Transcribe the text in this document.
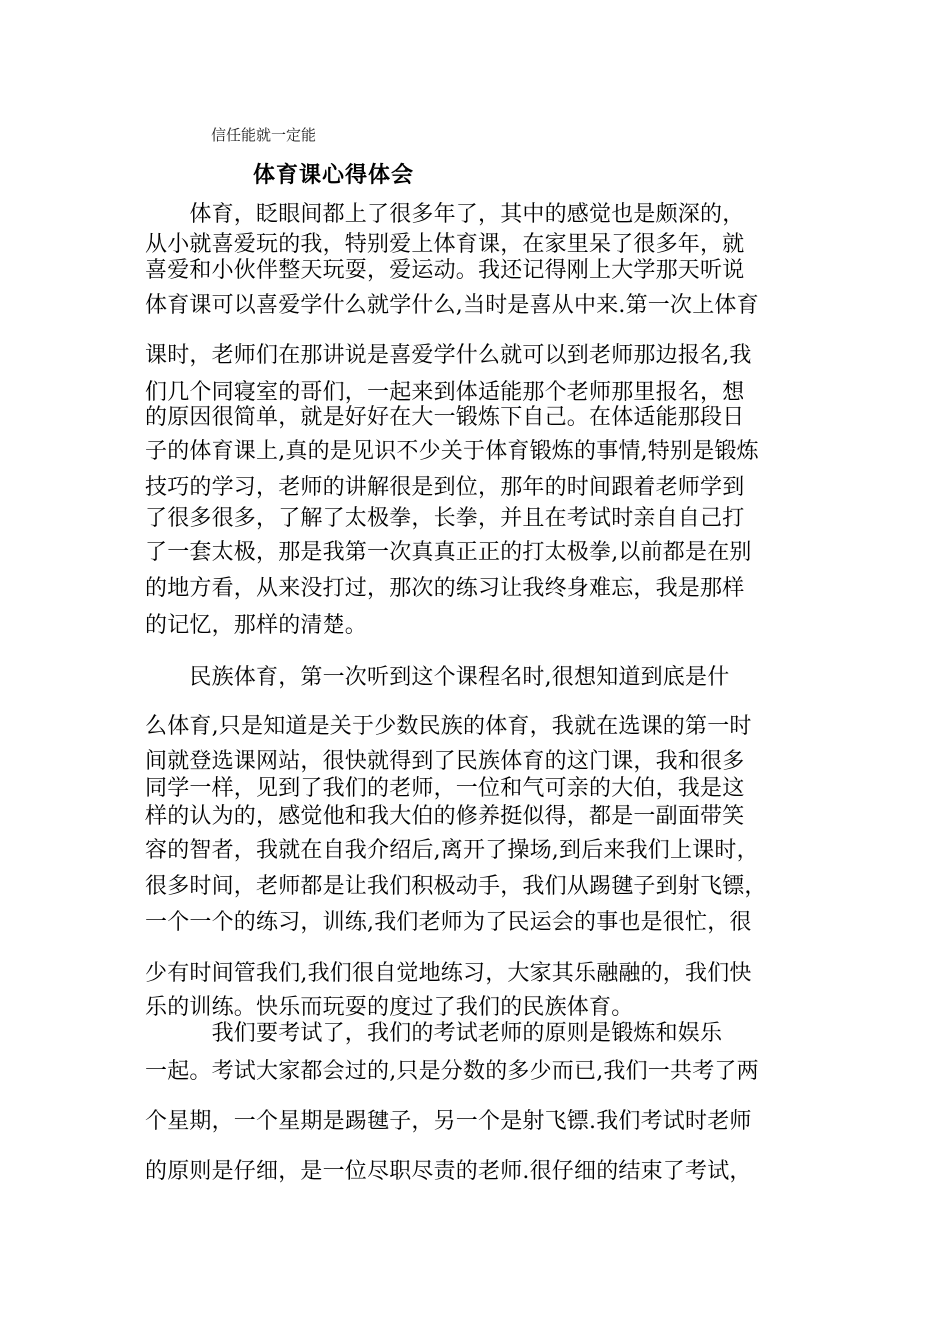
信任能就一定能
体育课心得体会
　　体育，眨眼间都上了很多年了，其中的感觉也是颇深的，
从小就喜爱玩的我，特别爱上体育课，在家里呆了很多年，就
喜爱和小伙伴整天玩耍，爱运动。我还记得刚上大学那天听说
体育课可以喜爱学什么就学什么,当时是喜从中来.第一次上体育
课时，老师们在那讲说是喜爱学什么就可以到老师那边报名,我
们几个同寝室的哥们，一起来到体适能那个老师那里报名，想
的原因很简单，就是好好在大一锻炼下自己。在体适能那段日
子的体育课上,真的是见识不少关于体育锻炼的事情,特别是锻炼
技巧的学习，老师的讲解很是到位，那年的时间跟着老师学到
了很多很多，了解了太极拳，长拳，并且在考试时亲自自己打
了一套太极，那是我第一次真真正正的打太极拳,以前都是在别
的地方看，从来没打过，那次的练习让我终身难忘，我是那样
的记忆，那样的清楚。
　　民族体育，第一次听到这个课程名时,很想知道到底是什
么体育,只是知道是关于少数民族的体育，我就在选课的第一时
间就登选课网站，很快就得到了民族体育的这门课，我和很多
同学一样，见到了我们的老师，一位和气可亲的大伯，我是这
样的认为的，感觉他和我大伯的修养挺似得，都是一副面带笑
容的智者，我就在自我介绍后,离开了操场,到后来我们上课时，
很多时间，老师都是让我们积极动手，我们从踢毽子到射飞镖，
一个一个的练习，训练,我们老师为了民运会的事也是很忙，很
少有时间管我们,我们很自觉地练习，大家其乐融融的，我们快
乐的训练。快乐而玩耍的度过了我们的民族体育。
　　　我们要考试了，我们的考试老师的原则是锻炼和娱乐
一起。考试大家都会过的,只是分数的多少而已,我们一共考了两
个星期，一个星期是踢毽子，另一个是射飞镖.我们考试时老师
的原则是仔细，是一位尽职尽责的老师.很仔细的结束了考试，
